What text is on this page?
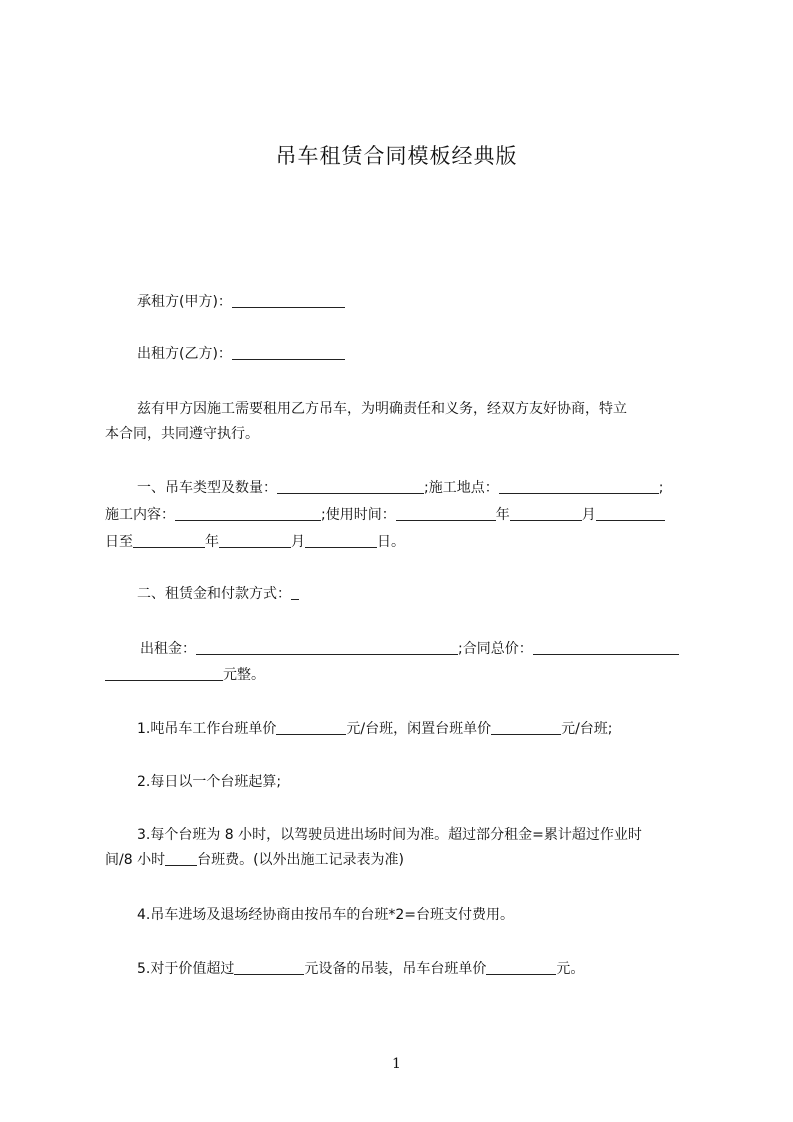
吊车租赁合同模板经典版
承租方(甲方)：
出租方(乙方)：
兹有甲方因施工需要租用乙方吊车，为明确责任和义务，经双方友好协商，特立
本合同，共同遵守执行。
一、吊车类型及数量：	;施工地点：	;
施工内容：	;使用时间：	年	月
日至	年	月	日。
二、租赁金和付款方式：
出租金：	;合同总价：
元整。
1.吨吊车工作台班单价	元/台班，闲置台班单价	元/台班;
2.每日以一个台班起算;
3.每个台班为 8 小时，以驾驶员进出场时间为准。超过部分租金=累计超过作业时
间/8 小时 台班费。(以外出施工记录表为准)
4.吊车进场及退场经协商由按吊车的台班*2=台班支付费用。
5.对于价值超过	元设备的吊装，吊车台班单价	元。
1
